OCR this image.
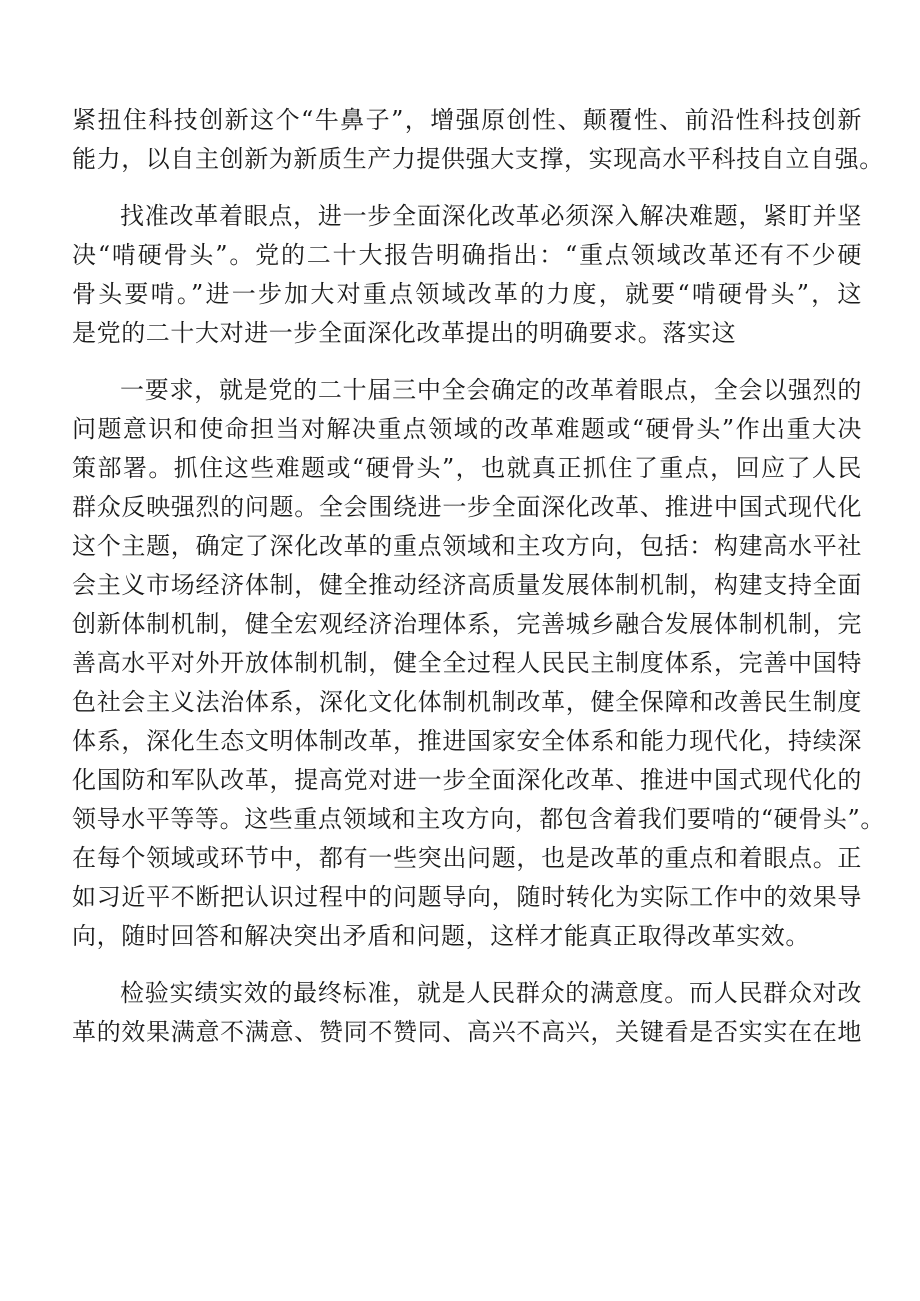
紧扭住科技创新这个“牛鼻子”，增强原创性、颠覆性、前沿性科技创新
能力，以自主创新为新质生产力提供强大支撑，实现高水平科技自立自强。
找准改革着眼点，进一步全面深化改革必须深入解决难题，紧盯并坚
决“啃硬骨头”。党的二十大报告明确指出：“重点领域改革还有不少硬
骨头要啃。”进一步加大对重点领域改革的力度，就要“啃硬骨头”，这
是党的二十大对进一步全面深化改革提出的明确要求。落实这
一要求，就是党的二十届三中全会确定的改革着眼点，全会以强烈的
问题意识和使命担当对解决重点领域的改革难题或“硬骨头”作出重大决
策部署。抓住这些难题或“硬骨头”，也就真正抓住了重点，回应了人民
群众反映强烈的问题。全会围绕进一步全面深化改革、推进中国式现代化
这个主题，确定了深化改革的重点领域和主攻方向，包括：构建高水平社
会主义市场经济体制，健全推动经济高质量发展体制机制，构建支持全面
创新体制机制，健全宏观经济治理体系，完善城乡融合发展体制机制，完
善高水平对外开放体制机制，健全全过程人民民主制度体系，完善中国特
色社会主义法治体系，深化文化体制机制改革，健全保障和改善民生制度
体系，深化生态文明体制改革，推进国家安全体系和能力现代化，持续深
化国防和军队改革，提高党对进一步全面深化改革、推进中国式现代化的
领导水平等等。这些重点领域和主攻方向，都包含着我们要啃的“硬骨头”。
在每个领域或环节中，都有一些突出问题，也是改革的重点和着眼点。正
如习近平不断把认识过程中的问题导向，随时转化为实际工作中的效果导
向，随时回答和解决突出矛盾和问题，这样才能真正取得改革实效。
检验实绩实效的最终标准，就是人民群众的满意度。而人民群众对改
革的效果满意不满意、赞同不赞同、高兴不高兴，关键看是否实实在在地
